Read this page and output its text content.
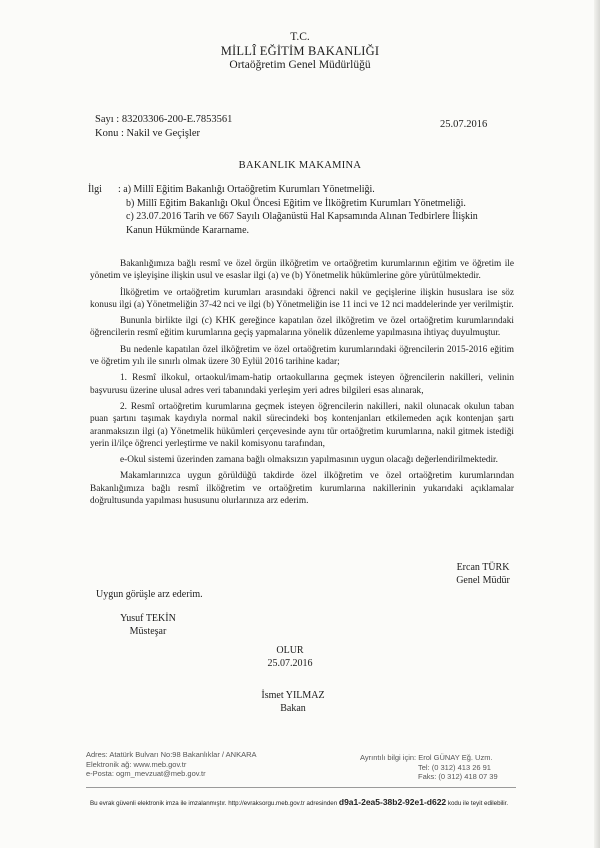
T.C.
MİLLÎ EĞİTİM BAKANLIĞI
Ortaöğretim Genel Müdürlüğü
Sayı : 83203306-200-E.7853561
Konu : Nakil ve Geçişler
25.07.2016
BAKANLIK MAKAMINA
İlgi : a) Millî Eğitim Bakanlığı Ortaöğretim Kurumları Yönetmeliği.
b) Millî Eğitim Bakanlığı Okul Öncesi Eğitim ve İlköğretim Kurumları Yönetmeliği.
c) 23.07.2016 Tarih ve 667 Sayılı Olağanüstü Hal Kapsamında Alınan Tedbirlere İlişkin
Kanun Hükmünde Kararname.

Bakanlığımıza bağlı resmî ve özel örgün ilköğretim ve ortaöğretim kurumlarının eğitim ve öğretim ile yönetim ve işleyişine ilişkin usul ve esaslar ilgi (a) ve (b) Yönetmelik hükümlerine göre yürütülmektedir.

İlköğretim ve ortaöğretim kurumları arasındaki öğrenci nakil ve geçişlerine ilişkin hususlara ise söz konusu ilgi (a) Yönetmeliğin 37-42 nci ve ilgi (b) Yönetmeliğin ise 11 inci ve 12 nci maddelerinde yer verilmiştir.

Bununla birlikte ilgi (c) KHK gereğince kapatılan özel ilköğretim ve özel ortaöğretim kurumlarındaki öğrencilerin resmî eğitim kurumlarına geçiş yapmalarına yönelik düzenleme yapılmasına ihtiyaç duyulmuştur.

Bu nedenle kapatılan özel ilköğretim ve özel ortaöğretim kurumlarındaki öğrencilerin 2015-2016 eğitim ve öğretim yılı ile sınırlı olmak üzere 30 Eylül 2016 tarihine kadar;

1. Resmî ilkokul, ortaokul/imam-hatip ortaokullarına geçmek isteyen öğrencilerin nakilleri, velinin başvurusu üzerine ulusal adres veri tabanındaki yerleşim yeri adres bilgileri esas alınarak,

2. Resmî ortaöğretim kurumlarına geçmek isteyen öğrencilerin nakilleri, nakil olunacak okulun taban puan şartını taşımak kaydıyla normal nakil sürecindeki boş kontenjanları etkilemeden açık kontenjan şartı aranmaksızın ilgi (a) Yönetmelik hükümleri çerçevesinde aynı tür ortaöğretim kurumlarına, nakil gitmek istediği yerin il/ilçe öğrenci yerleştirme ve nakil komisyonu tarafından,

e-Okul sistemi üzerinden zamana bağlı olmaksızın yapılmasının uygun olacağı değerlendirilmektedir.

Makamlarınızca uygun görüldüğü takdirde özel ilköğretim ve özel ortaöğretim kurumlarından Bakanlığımıza bağlı resmî ilköğretim ve ortaöğretim kurumlarına nakillerinin yukarıdaki açıklamalar doğrultusunda yapılması hususunu olurlarınıza arz ederim.

Ercan TÜRK
Genel Müdür
Uygun görüşle arz ederim.
Yusuf TEKİN
Müsteşar
OLUR
25.07.2016
İsmet YILMAZ
Bakan
Adres: Atatürk Bulvarı No:98 Bakanlıklar / ANKARA
Elektronik ağ: www.meb.gov.tr
e-Posta: ogm_mevzuat@meb.gov.tr
Ayrıntılı bilgi için: Erol GÜNAY Eğ. Uzm.
Tel: (0 312) 413 26 91
Faks: (0 312) 418 07 39
Bu evrak güvenli elektronik imza ile imzalanmıştır. http://evraksorgu.meb.gov.tr adresinden d9a1-2ea5-38b2-92e1-d622 kodu ile teyit edilebilir.
